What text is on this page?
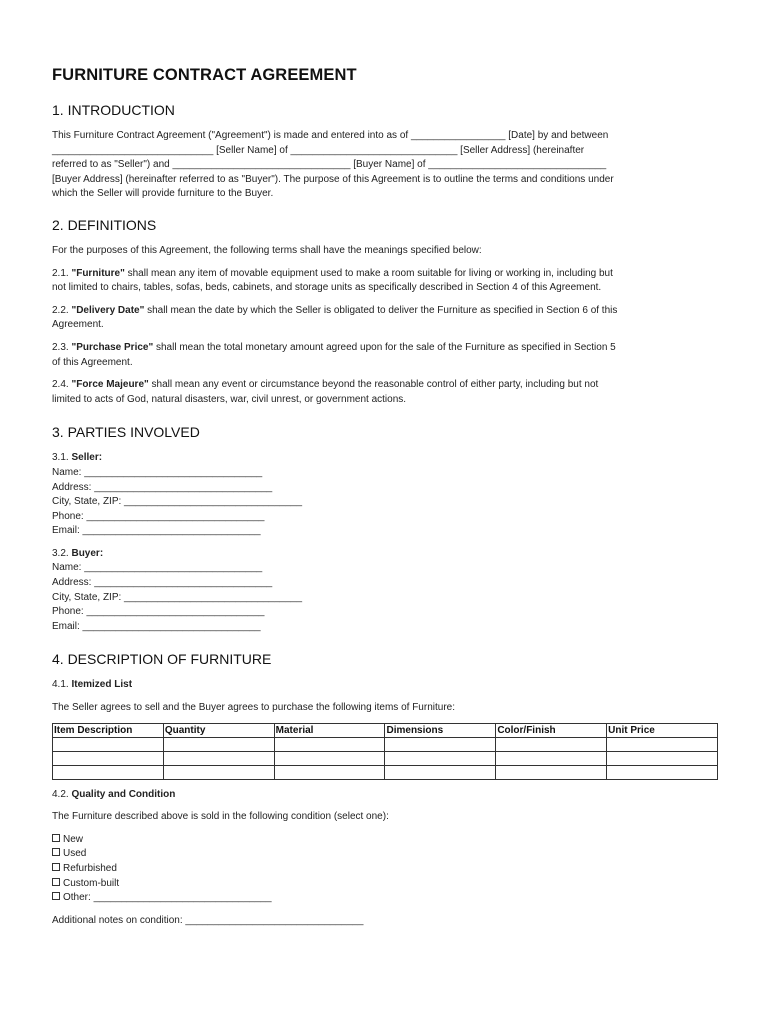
FURNITURE CONTRACT AGREEMENT
1. INTRODUCTION

This Furniture Contract Agreement ("Agreement") is made and entered into as of _________________ [Date] by and between

_____________________________ [Seller Name] of ______________________________ [Seller Address] (hereinafter

referred to as "Seller") and ________________________________ [Buyer Name] of ________________________________

[Buyer Address] (hereinafter referred to as "Buyer"). The purpose of this Agreement is to outline the terms and conditions under

which the Seller will provide furniture to the Buyer.

2. DEFINITIONS

For the purposes of this Agreement, the following terms shall have the meanings specified below:

2.1. "Furniture" shall mean any item of movable equipment used to make a room suitable for living or working in, including but

not limited to chairs, tables, sofas, beds, cabinets, and storage units as specifically described in Section 4 of this Agreement.

2.2. "Delivery Date" shall mean the date by which the Seller is obligated to deliver the Furniture as specified in Section 6 of this

Agreement.

2.3. "Purchase Price" shall mean the total monetary amount agreed upon for the sale of the Furniture as specified in Section 5

of this Agreement.

2.4. "Force Majeure" shall mean any event or circumstance beyond the reasonable control of either party, including but not

limited to acts of God, natural disasters, war, civil unrest, or government actions.

3. PARTIES INVOLVED

3.1. Seller:

Name: ________________________________

Address: ________________________________

City, State, ZIP: ________________________________

Phone: ________________________________

Email: ________________________________

3.2. Buyer:

Name: ________________________________

Address: ________________________________

City, State, ZIP: ________________________________

Phone: ________________________________

Email: ________________________________

4. DESCRIPTION OF FURNITURE

4.1. Itemized List

The Seller agrees to sell and the Buyer agrees to purchase the following items of Furniture:

Item Description	Quantity	Material	Dimensions	Color/Finish	Unit Price

4.2. Quality and Condition

The Furniture described above is sold in the following condition (select one):

New

Used

Refurbished

Custom-built

Other: ________________________________

Additional notes on condition: ________________________________
